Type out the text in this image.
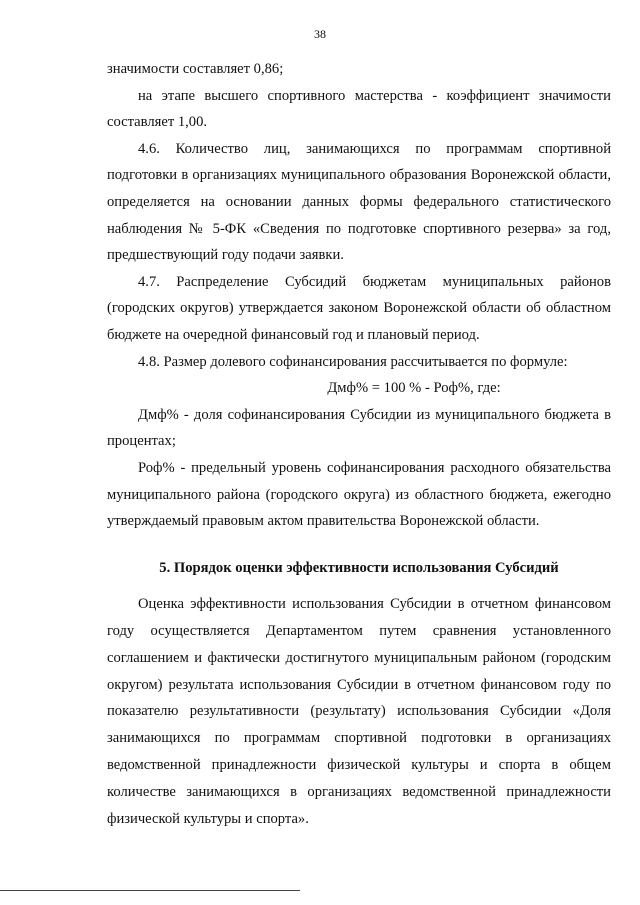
38

значимости составляет 0,86;

на этапе высшего спортивного мастерства - коэффициент значимости составляет 1,00.

4.6. Количество лиц, занимающихся по программам спортивной подготовки в организациях муниципального образования Воронежской области, определяется на основании данных формы федерального статистического наблюдения № 5-ФК «Сведения по подготовке спортивного резерва» за год, предшествующий году подачи заявки.

4.7. Распределение Субсидий бюджетам муниципальных районов (городских округов) утверждается законом Воронежской области об областном бюджете на очередной финансовый год и плановый период.

4.8. Размер долевого софинансирования рассчитывается по формуле:

Дмф% = 100 % - Роф%, где:

Дмф% - доля софинансирования Субсидии из муниципального бюджета в процентах;

Роф% - предельный уровень софинансирования расходного обязательства муниципального района (городского округа) из областного бюджета, ежегодно утверждаемый правовым актом правительства Воронежской области.

5. Порядок оценки эффективности использования Субсидий

Оценка эффективности использования Субсидии в отчетном финансовом году осуществляется Департаментом путем сравнения установленного соглашением и фактически достигнутого муниципальным районом (городским округом) результата использования Субсидии в отчетном финансовом году по показателю результативности (результату) использования Субсидии «Доля занимающихся по программам спортивной подготовки в организациях ведомственной принадлежности физической культуры и спорта в общем количестве занимающихся в организациях ведомственной принадлежности физической культуры и спорта».
